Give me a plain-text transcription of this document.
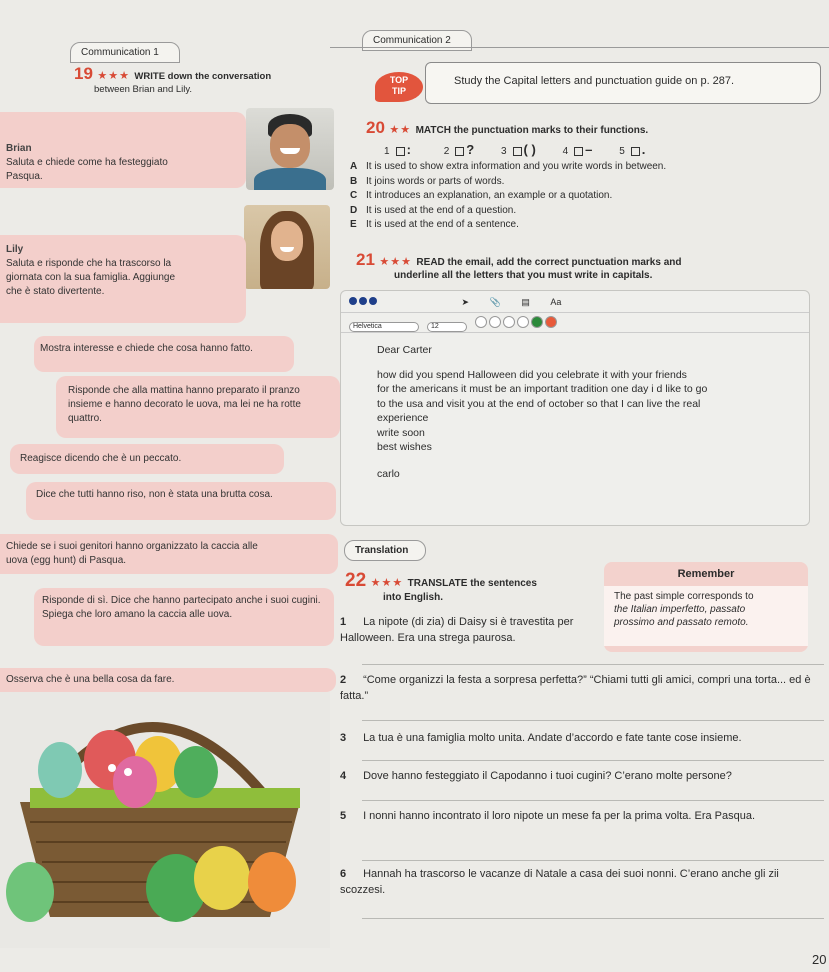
Communication 1
Communication 2
19 ★★★ WRITE down the conversation
between Brian and Lily.
TOP
TIP
Study the Capital letters and punctuation guide on p. 287.
Brian
Saluta e chiede come ha festeggiato Pasqua.
Lily
Saluta e risponde che ha trascorso la giornata con la sua famiglia. Aggiunge che è stato divertente.
Mostra interesse e chiede che cosa hanno fatto.
Risponde che alla mattina hanno preparato il pranzo insieme e hanno decorato le uova, ma lei ne ha rotte quattro.
Reagisce dicendo che è un peccato.
Dice che tutti hanno riso, non è stata una brutta cosa.
Chiede se i suoi genitori hanno organizzato la caccia alle uova (egg hunt) di Pasqua.
Risponde di sì. Dice che hanno partecipato anche i suoi cugini. Spiega che loro amano la caccia alle uova.
Osserva che è una bella cosa da fare.
20 ★★ MATCH the punctuation marks to their functions.
1 :	2 ?	3 ( )	4 –	5 .
A It is used to show extra information and you write words in between.
B It joins words or parts of words.
C It introduces an explanation, an example or a quotation.
D It is used at the end of a question.
E It is used at the end of a sentence.
21 ★★★ READ the email, add the correct punctuation marks and
underline all the letters that you must write in capitals.
➤ 📎 ▤ Aa
Helvetica	12
Dear Carter
how did you spend Halloween did you celebrate it with your friends
for the americans it must be an important tradition one day i d like to go
to the usa and visit you at the end of october so that I can live the real
experience
write soon
best wishes
carlo
Translation
22 ★★★ TRANSLATE the sentences
into English.
Remember
The past simple corresponds to
the Italian imperfetto, passato
prossimo and passato remoto.
1 La nipote (di zia) di Daisy si è travestita per Halloween. Era una strega paurosa.
2 “Come organizzi la festa a sorpresa perfetta?” “Chiami tutti gli amici, compri una torta... ed è fatta.”
3 La tua è una famiglia molto unita. Andate d’accordo e fate tante cose insieme.
4 Dove hanno festeggiato il Capodanno i tuoi cugini? C’erano molte persone?
5 I nonni hanno incontrato il loro nipote un mese fa per la prima volta. Era Pasqua.
6 Hannah ha trascorso le vacanze di Natale a casa dei suoi nonni. C’erano anche gli zii scozzesi.
20
